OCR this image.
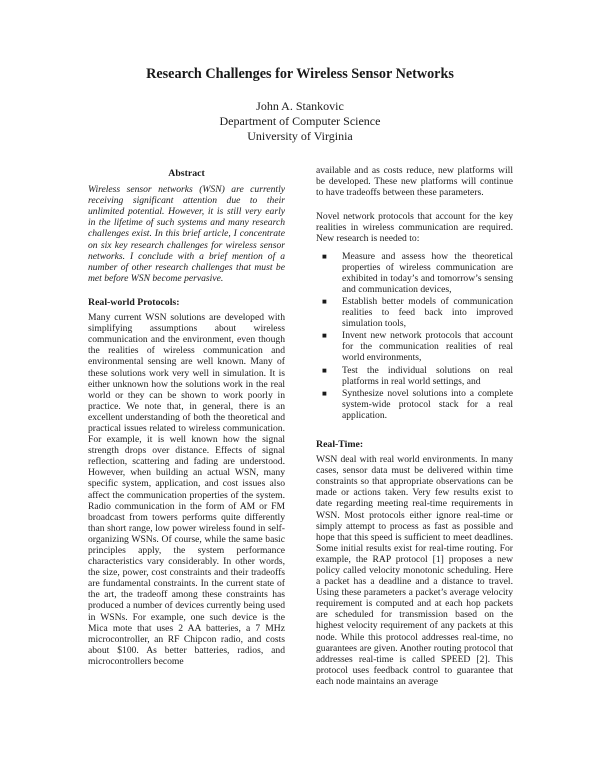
Research Challenges for Wireless Sensor Networks
John A. Stankovic
Department of Computer Science
University of Virginia

Abstract

Wireless sensor networks (WSN) are currently receiving significant attention due to their unlimited potential. However, it is still very early in the lifetime of such systems and many research challenges exist. In this brief article, I concentrate on six key research challenges for wireless sensor networks. I conclude with a brief mention of a number of other research challenges that must be met before WSN become pervasive.

Real-world Protocols:

Many current WSN solutions are developed with simplifying assumptions about wireless communication and the environment, even though the realities of wireless communication and environmental sensing are well known. Many of these solutions work very well in simulation. It is either unknown how the solutions work in the real world or they can be shown to work poorly in practice. We note that, in general, there is an excellent understanding of both the theoretical and practical issues related to wireless communication. For example, it is well known how the signal strength drops over distance. Effects of signal reflection, scattering and fading are understood. However, when building an actual WSN, many specific system, application, and cost issues also affect the communication properties of the system. Radio communication in the form of AM or FM broadcast from towers performs quite differently than short range, low power wireless found in self-organizing WSNs. Of course, while the same basic principles apply, the system performance characteristics vary considerably. In other words, the size, power, cost constraints and their tradeoffs are fundamental constraints. In the current state of the art, the tradeoff among these constraints has produced a number of devices currently being used in WSNs. For example, one such device is the Mica mote that uses 2 AA batteries, a 7 MHz microcontroller, an RF Chipcon radio, and costs about $100. As better batteries, radios, and microcontrollers become

available and as costs reduce, new platforms will be developed. These new platforms will continue to have tradeoffs between these parameters.

Novel network protocols that account for the key realities in wireless communication are required. New research is needed to:

■ Measure and assess how the theoretical properties of wireless communication are exhibited in today’s and tomorrow’s sensing and communication devices,
■ Establish better models of communication realities to feed back into improved simulation tools,
■ Invent new network protocols that account for the communication realities of real world environments,
■ Test the individual solutions on real platforms in real world settings, and
■ Synthesize novel solutions into a complete system-wide protocol stack for a real application.

Real-Time:

WSN deal with real world environments. In many cases, sensor data must be delivered within time constraints so that appropriate observations can be made or actions taken. Very few results exist to date regarding meeting real-time requirements in WSN. Most protocols either ignore real-time or simply attempt to process as fast as possible and hope that this speed is sufficient to meet deadlines. Some initial results exist for real-time routing. For example, the RAP protocol [1] proposes a new policy called velocity monotonic scheduling. Here a packet has a deadline and a distance to travel. Using these parameters a packet’s average velocity requirement is computed and at each hop packets are scheduled for transmission based on the highest velocity requirement of any packets at this node. While this protocol addresses real-time, no guarantees are given. Another routing protocol that addresses real-time is called SPEED [2]. This protocol uses feedback control to guarantee that each node maintains an average
